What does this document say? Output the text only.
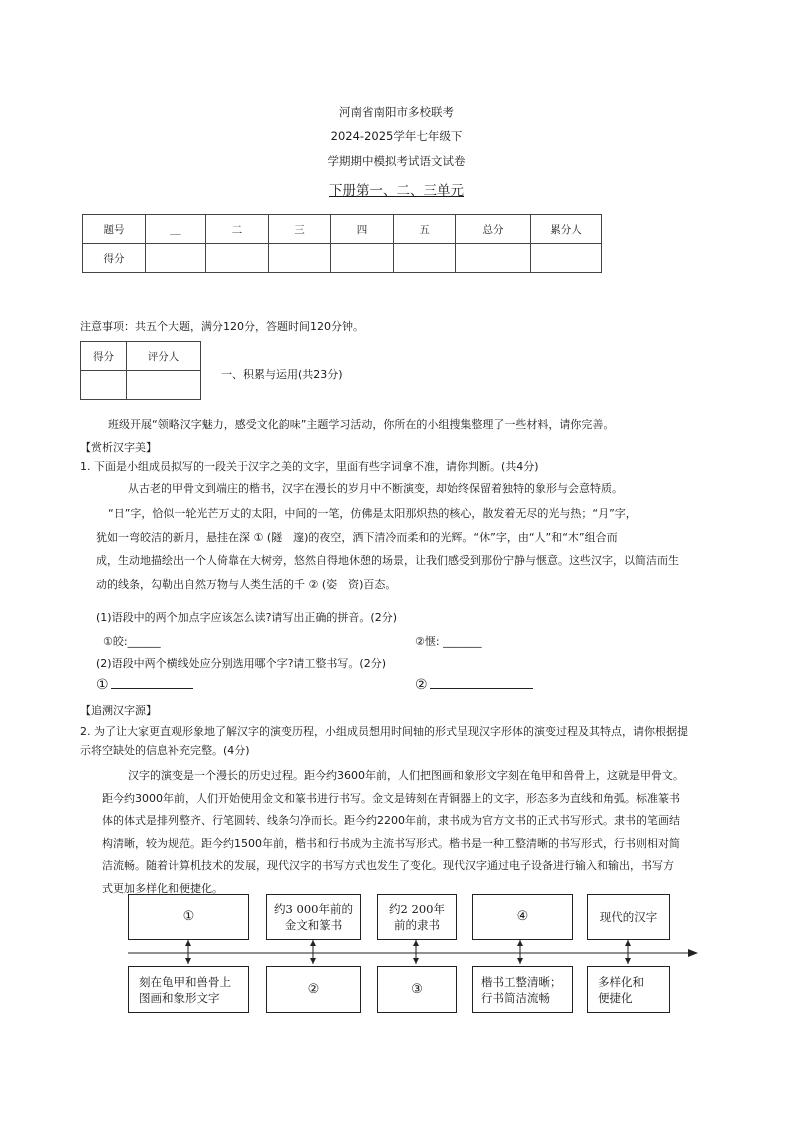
河南省南阳市多校联考
2024-2025学年七年级下
学期期中模拟考试语文试卷
下册第一、二、三单元
题号	＿	二	三	四	五	总分	累分人
得分							
注意事项：共五个大题，满分120分，答题时间120分钟。
得分	评分人

一、积累与运用(共23分)
班级开展“领略汉字魅力，感受文化韵味”主题学习活动，你所在的小组搜集整理了一些材料，请你完善。
【赏析汉字美】
1. 下面是小组成员拟写的一段关于汉字之美的文字，里面有些字词拿不准，请你判断。(共4分)
从古老的甲骨文到端庄的楷书，汉字在漫长的岁月中不断演变，却始终保留着独特的象形与会意特质。
“日”字，恰似一轮光芒万丈的太阳，中间的一笔，仿佛是太阳那炽热的核心，散发着无尽的光与热；“月”字，
犹如一弯皎洁的新月，悬挂在深 ① (隧　邃)的夜空，洒下清冷而柔和的光辉。“休”字，由“人”和“木”组合而
成，生动地描绘出一个人倚靠在大树旁，悠然自得地休憩的场景，让我们感受到那份宁静与惬意。这些汉字，以简洁而生
动的线条，勾勒出自然万物与人类生活的千 ② (姿　资)百态。
(1)语段中的两个加点字应该怎么读?请写出正确的拼音。(2分)
①皎:______	②惬: _______
(2)语段中两个横线处应分别选用哪个字?请工整书写。(2分)
①	②
【追溯汉字源】
2. 为了让大家更直观形象地了解汉字的演变历程，小组成员想用时间轴的形式呈现汉字形体的演变过程及其特点，请你根据提
示将空缺处的信息补充完整。(4分)
汉字的演变是一个漫长的历史过程。距今约3600年前，人们把图画和象形文字刻在龟甲和兽骨上，这就是甲骨文。
距今约3000年前，人们开始使用金文和篆书进行书写。金文是铸刻在青铜器上的文字，形态多为直线和角弧。标准篆书
体的体式是排列整齐、行笔圆转、线条匀净而长。距今约2200年前，隶书成为官方文书的正式书写形式。隶书的笔画结
构清晰，较为规范。距今约1500年前，楷书和行书成为主流书写形式。楷书是一种工整清晰的书写形式，行书则相对简
洁流畅。随着计算机技术的发展，现代汉字的书写方式也发生了变化。现代汉字通过电子设备进行输入和输出，书写方
式更加多样化和便捷化。
①	约3 000年前的
金文和篆书
约2 200年
前的隶书
④	现代的汉字
刻在龟甲和兽骨上
图画和象形文字
②	③	楷书工整清晰；
行书简洁流畅
多样化和
便捷化
